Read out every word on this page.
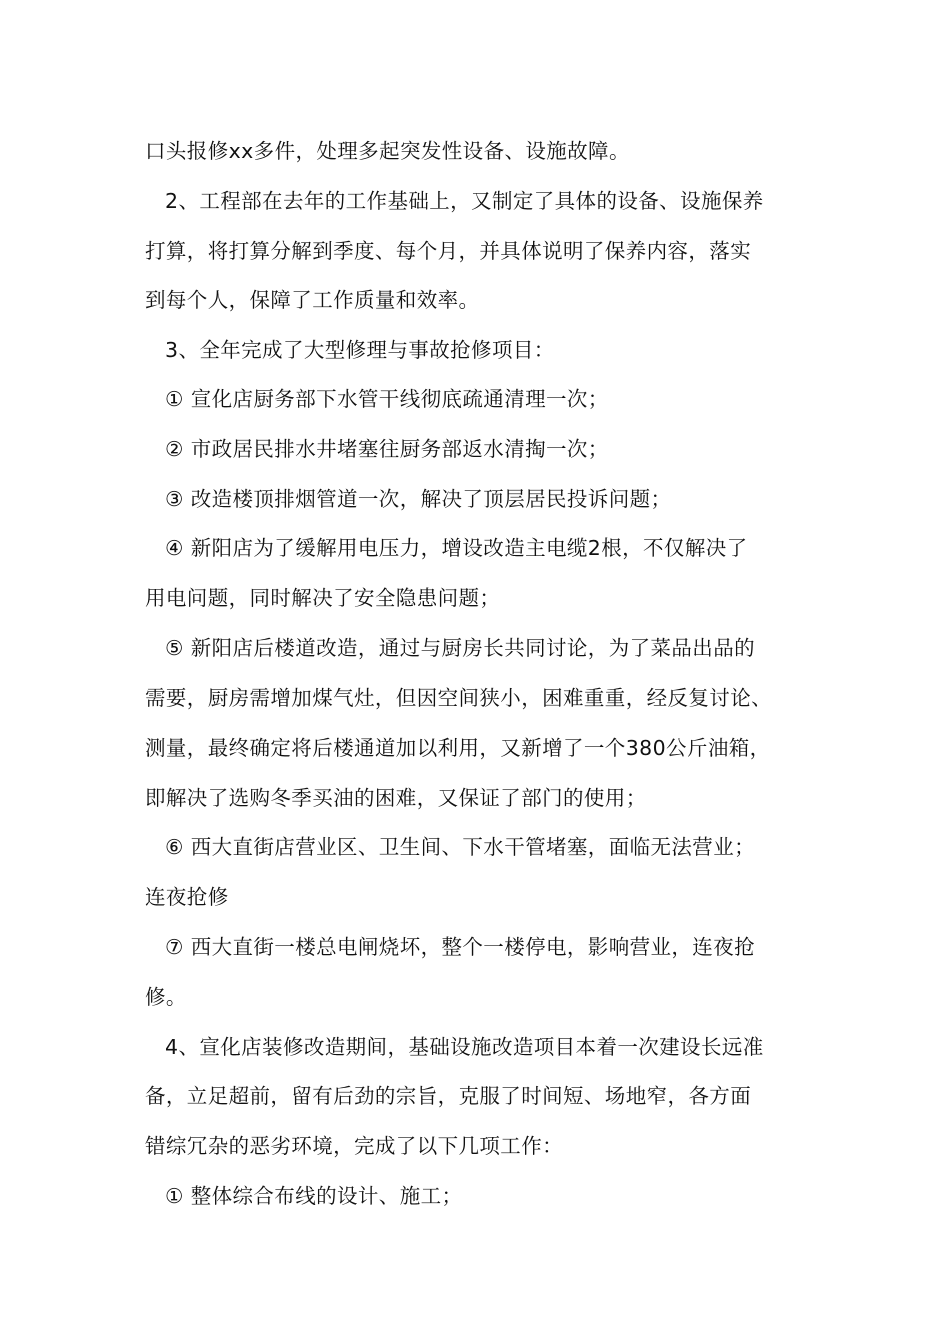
口头报修xx多件，处理多起突发性设备、设施故障。
2、工程部在去年的工作基础上，又制定了具体的设备、设施保养
打算，将打算分解到季度、每个月，并具体说明了保养内容，落实
到每个人，保障了工作质量和效率。
3、全年完成了大型修理与事故抢修项目：
① 宣化店厨务部下水管干线彻底疏通清理一次；
② 市政居民排水井堵塞往厨务部返水清掏一次；
③ 改造楼顶排烟管道一次，解决了顶层居民投诉问题；
④ 新阳店为了缓解用电压力，增设改造主电缆2根，不仅解决了
用电问题，同时解决了安全隐患问题；
⑤ 新阳店后楼道改造，通过与厨房长共同讨论，为了菜品出品的
需要，厨房需增加煤气灶，但因空间狭小，困难重重，经反复讨论、
测量，最终确定将后楼通道加以利用，又新增了一个380公斤油箱，
即解决了选购冬季买油的困难，又保证了部门的使用；
⑥ 西大直街店营业区、卫生间、下水干管堵塞，面临无法营业；
连夜抢修
⑦ 西大直街一楼总电闸烧坏，整个一楼停电，影响营业，连夜抢
修。
4、宣化店装修改造期间，基础设施改造项目本着一次建设长远准
备，立足超前，留有后劲的宗旨，克服了时间短、场地窄，各方面
错综冗杂的恶劣环境，完成了以下几项工作：
① 整体综合布线的设计、施工；
